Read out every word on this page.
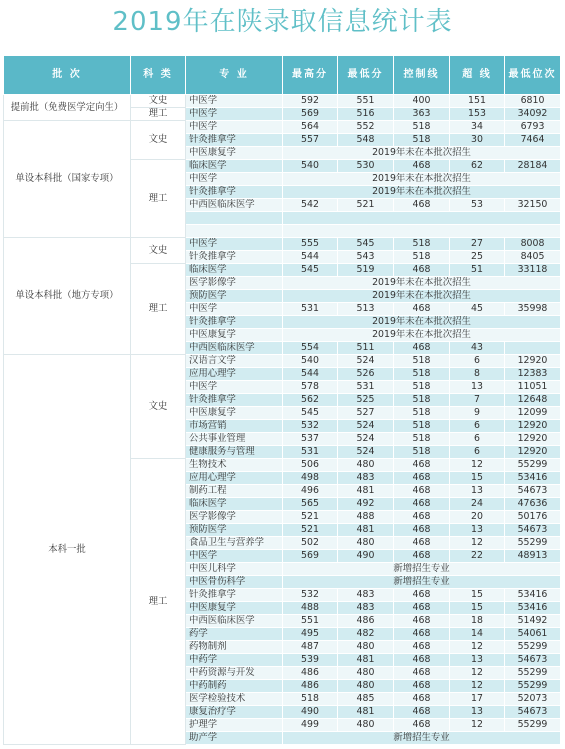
2019年在陕录取信息统计表
批 次	科 类	专 业	最高分	最低分	控制线	超 线	最低位次
提前批（免费医学定向生）	文史	中医学	592	551	400	151	6810
	理工	中医学	569	516	363	153	34092
单设本科批（国家专项）	文史	中医学	564	552	518	34	6793
		针灸推拿学	557	548	518	30	7464
		中医康复学	2019年未在本批次招生				
	理工	临床医学	540	530	468	62	28184
		中医学	2019年未在本批次招生				
		针灸推拿学	2019年未在本批次招生				
		中西医临床医学	542	521	468	53	32150

单设本科批（地方专项）	文史	中医学	555	545	518	27	8008
		针灸推拿学	544	543	518	25	8405
	理工	临床医学	545	519	468	51	33118
		医学影像学	2019年未在本批次招生				
		预防医学	2019年未在本批次招生				
		中医学	531	513	468	45	35998
		针灸推拿学	2019年未在本批次招生				
		中医康复学	2019年未在本批次招生				
		中西医临床医学	554	511	468	43	
本科一批	文史	汉语言文学	540	524	518	6	12920
		应用心理学	544	526	518	8	12383
		中医学	578	531	518	13	11051
		针灸推拿学	562	525	518	7	12648
		中医康复学	545	527	518	9	12099
		市场营销	532	524	518	6	12920
		公共事业管理	537	524	518	6	12920
		健康服务与管理	531	524	518	6	12920
	理工	生物技术	506	480	468	12	55299
		应用心理学	498	483	468	15	53416
		制药工程	496	481	468	13	54673
		临床医学	565	492	468	24	47636
		医学影像学	521	488	468	20	50176
		预防医学	521	481	468	13	54673
		食品卫生与营养学	502	480	468	12	55299
		中医学	569	490	468	22	48913
		中医儿科学	新增招生专业				
		中医骨伤科学	新增招生专业				
		针灸推拿学	532	483	468	15	53416
		中医康复学	488	483	468	15	53416
		中西医临床医学	551	486	468	18	51492
		药学	495	482	468	14	54061
		药物制剂	487	480	468	12	55299
		中药学	539	481	468	13	54673
		中药资源与开发	486	480	468	12	55299
		中药制药	486	480	468	12	55299
		医学检验技术	518	485	468	17	52073
		康复治疗学	490	481	468	13	54673
		护理学	499	480	468	12	55299
		助产学	新增招生专业				
